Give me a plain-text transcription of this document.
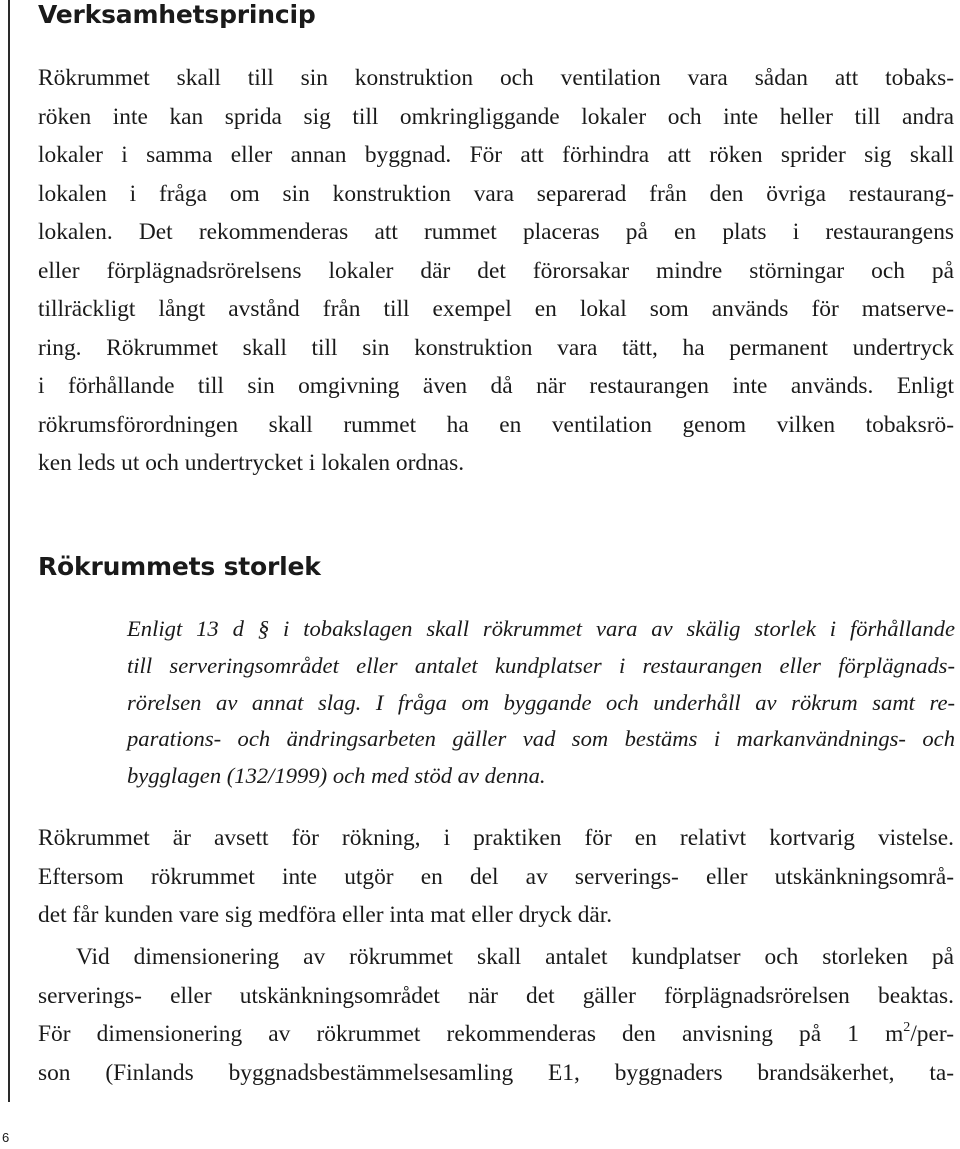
Verksamhetsprincip
Rökrummet skall till sin konstruktion och ventilation vara sådan att tobaks-
röken inte kan sprida sig till omkringliggande lokaler och inte heller till andra
lokaler i samma eller annan byggnad. För att förhindra att röken sprider sig skall
lokalen i fråga om sin konstruktion vara separerad från den övriga restaurang-
lokalen. Det rekommenderas att rummet placeras på en plats i restaurangens
eller förplägnadsrörelsens lokaler där det förorsakar mindre störningar och på
tillräckligt långt avstånd från till exempel en lokal som används för matserve-
ring. Rökrummet skall till sin konstruktion vara tätt, ha permanent undertryck
i förhållande till sin omgivning även då när restaurangen inte används. Enligt
rökrumsförordningen skall rummet ha en ventilation genom vilken tobaksrö-
ken leds ut och undertrycket i lokalen ordnas.
Rökrummets storlek
Enligt 13 d § i tobakslagen skall rökrummet vara av skälig storlek i förhållande
till serveringsområdet eller antalet kundplatser i restaurangen eller förplägnads-
rörelsen av annat slag. I fråga om byggande och underhåll av rökrum samt re-
parations- och ändringsarbeten gäller vad som bestäms i markanvändnings- och
bygglagen (132/1999) och med stöd av denna.
Rökrummet är avsett för rökning, i praktiken för en relativt kortvarig vistelse.
Eftersom rökrummet inte utgör en del av serverings- eller utskänkningsområ-
det får kunden vare sig medföra eller inta mat eller dryck där.
Vid dimensionering av rökrummet skall antalet kundplatser och storleken på
serverings- eller utskänkningsområdet när det gäller förplägnadsrörelsen beaktas.
För dimensionering av rökrummet rekommenderas den anvisning på 1 $m^2/per-$
son (Finlands byggnadsbestämmelsesamling E1, byggnaders brandsäkerhet, ta-
6
